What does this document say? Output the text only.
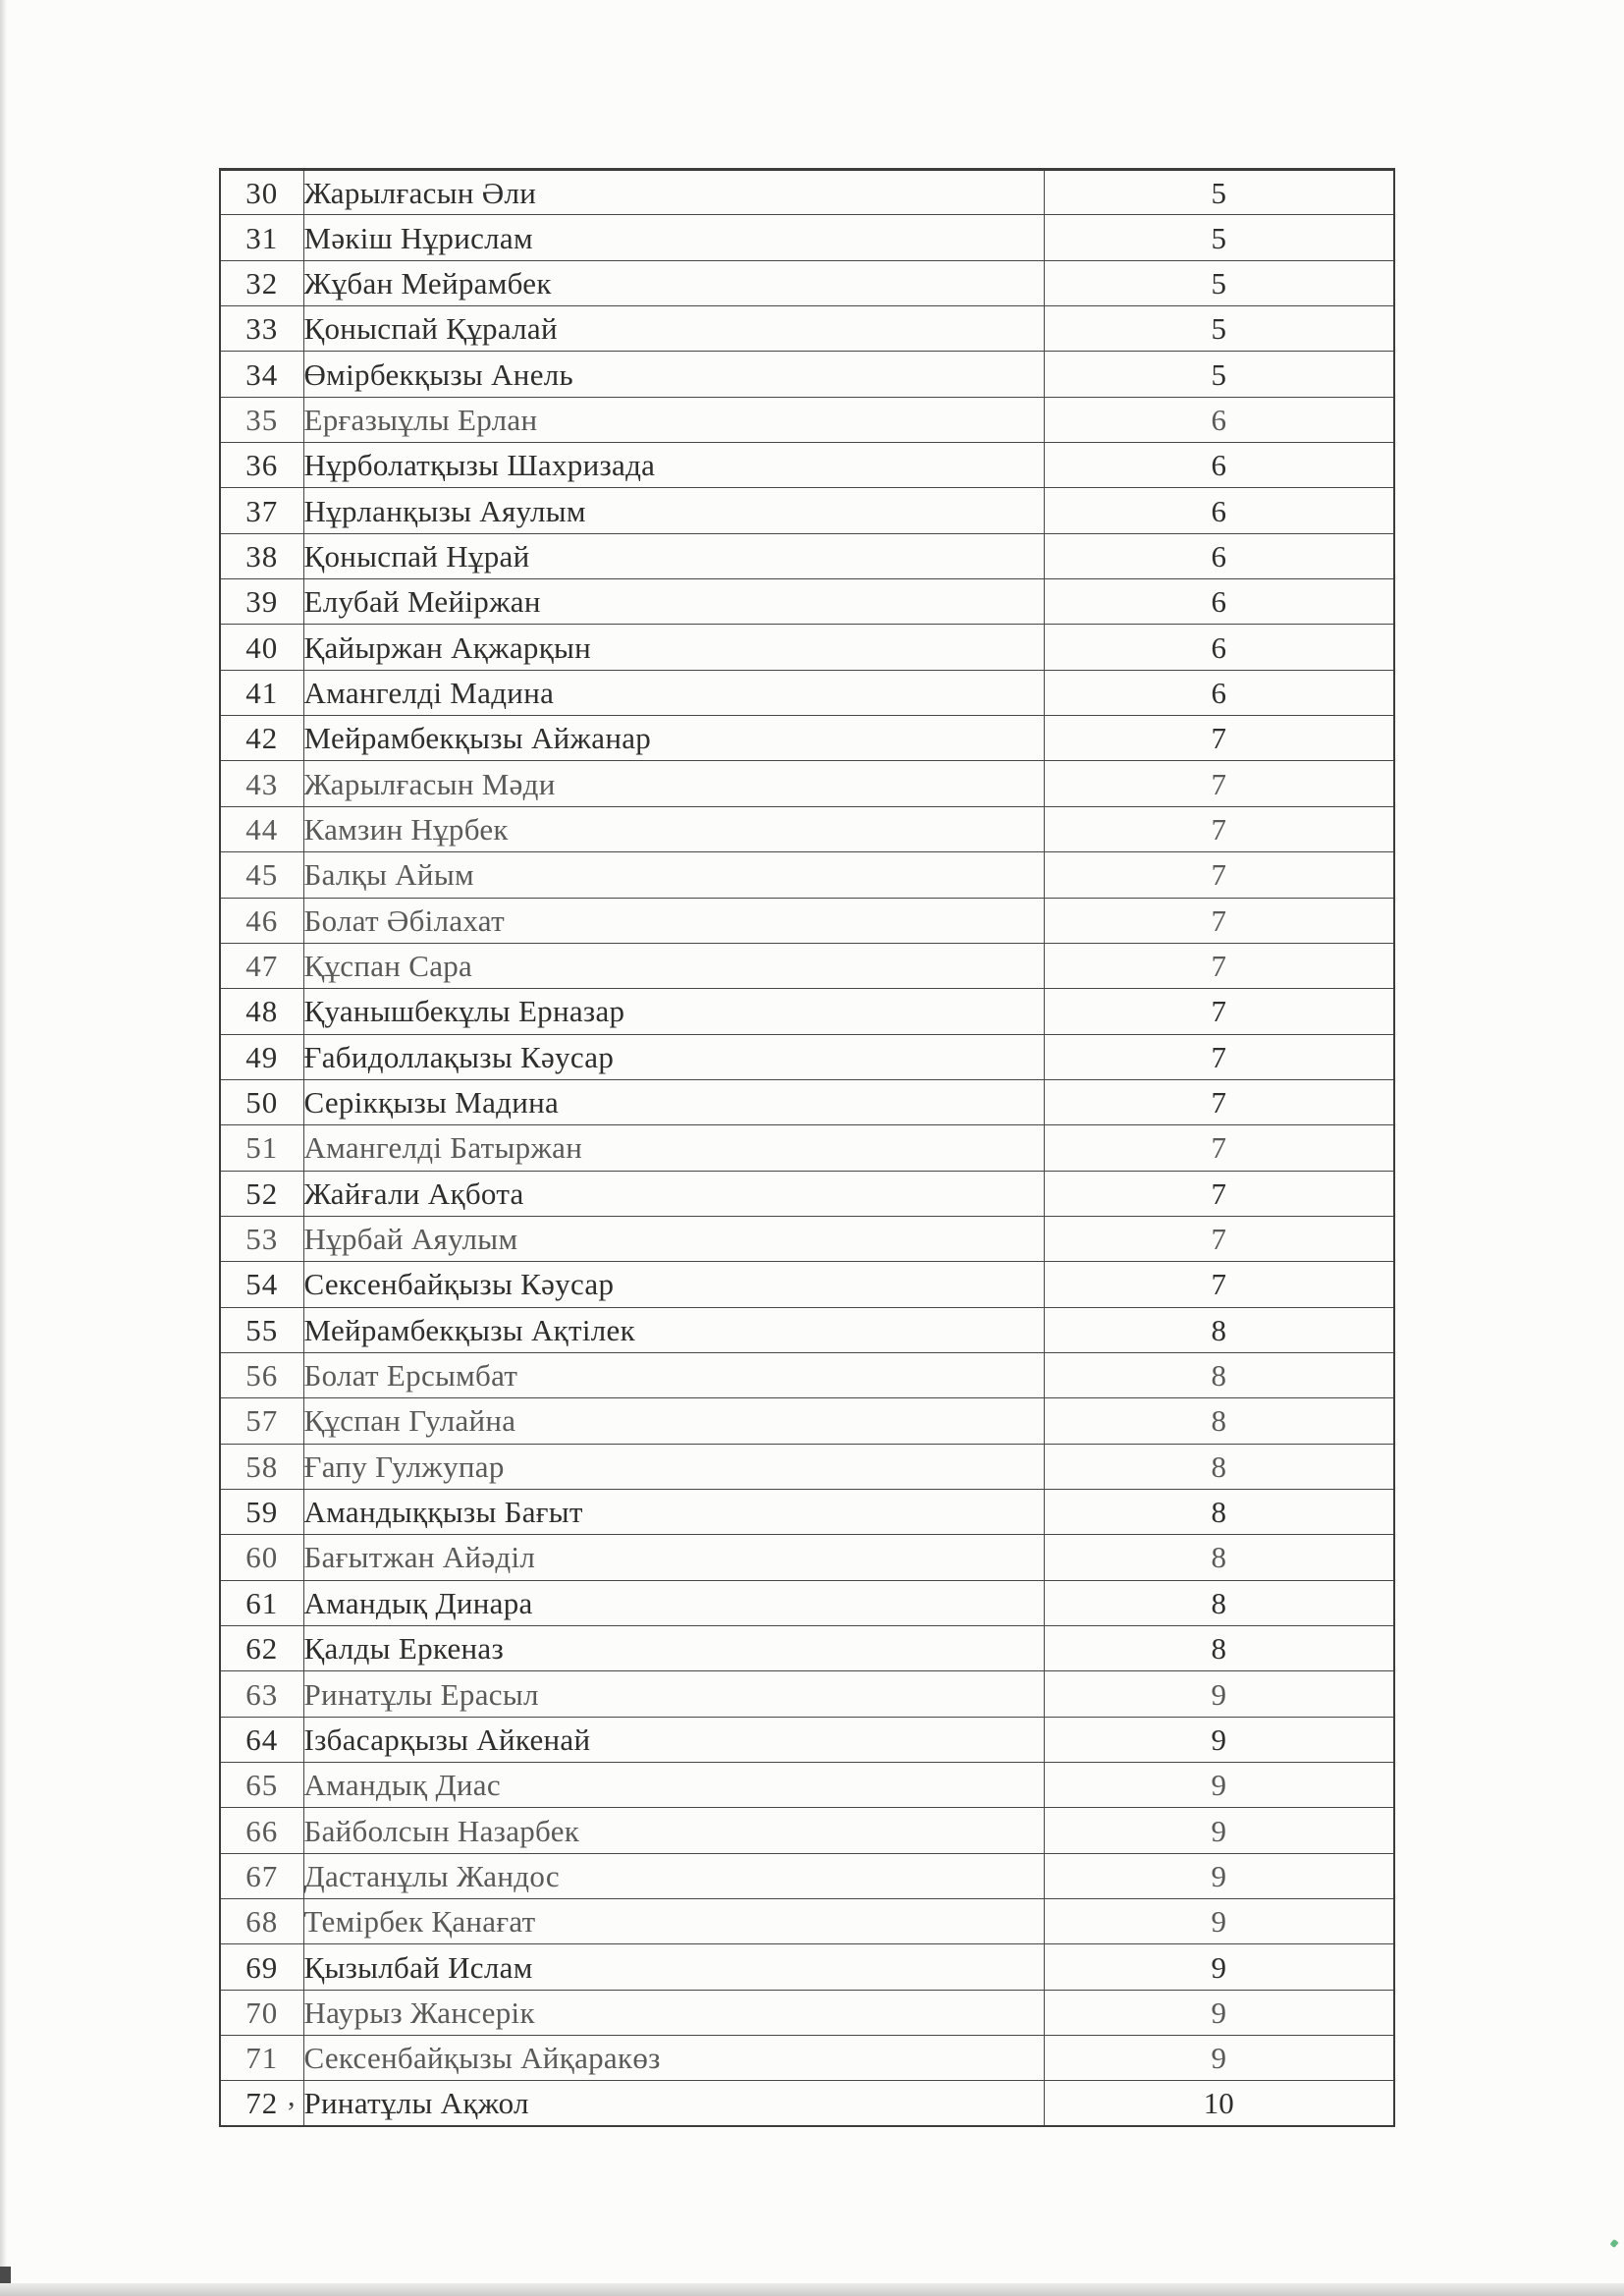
30	Жарылғасын Әли	5
31	Мәкіш Нұрислам	5
32	Жұбан Мейрамбек	5
33	Қоныспай Құралай	5
34	Өмірбекқызы Анель	5
35	Ерғазыұлы Ерлан	6
36	Нұрболатқызы Шахризада	6
37	Нұрланқызы Аяулым	6
38	Қоныспай Нұрай	6
39	Елубай Мейіржан	6
40	Қайыржан Ақжарқын	6
41	Амангелді Мадина	6
42	Мейрамбекқызы Айжанар	7
43	Жарылғасын Мәди	7
44	Камзин Нұрбек	7
45	Балқы Айым	7
46	Болат Әбілахат	7
47	Құспан Сара	7
48	Қуанышбекұлы Ерназар	7
49	Ғабидоллақызы Кәусар	7
50	Серікқызы Мадина	7
51	Амангелді Батыржан	7
52	Жайғали Ақбота	7
53	Нұрбай Аяулым	7
54	Сексенбайқызы Кәусар	7
55	Мейрамбекқызы Ақтілек	8
56	Болат Ерсымбат	8
57	Құспан Гулайна	8
58	Ғапу Гулжупар	8
59	Амандыққызы Бағыт	8
60	Бағытжан Айәділ	8
61	Амандық Динара	8
62	Қалды Еркеназ	8
63	Ринатұлы Ерасыл	9
64	Ізбасарқызы Айкенай	9
65	Амандық Диас	9
66	Байболсын Назарбек	9
67	Дастанұлы Жандос	9
68	Темірбек Қанағат	9
69	Қызылбай Ислам	9
70	Наурыз Жансерік	9
71	Сексенбайқызы Айқаракөз	9
72	Ринатұлы Ақжол	10
,
